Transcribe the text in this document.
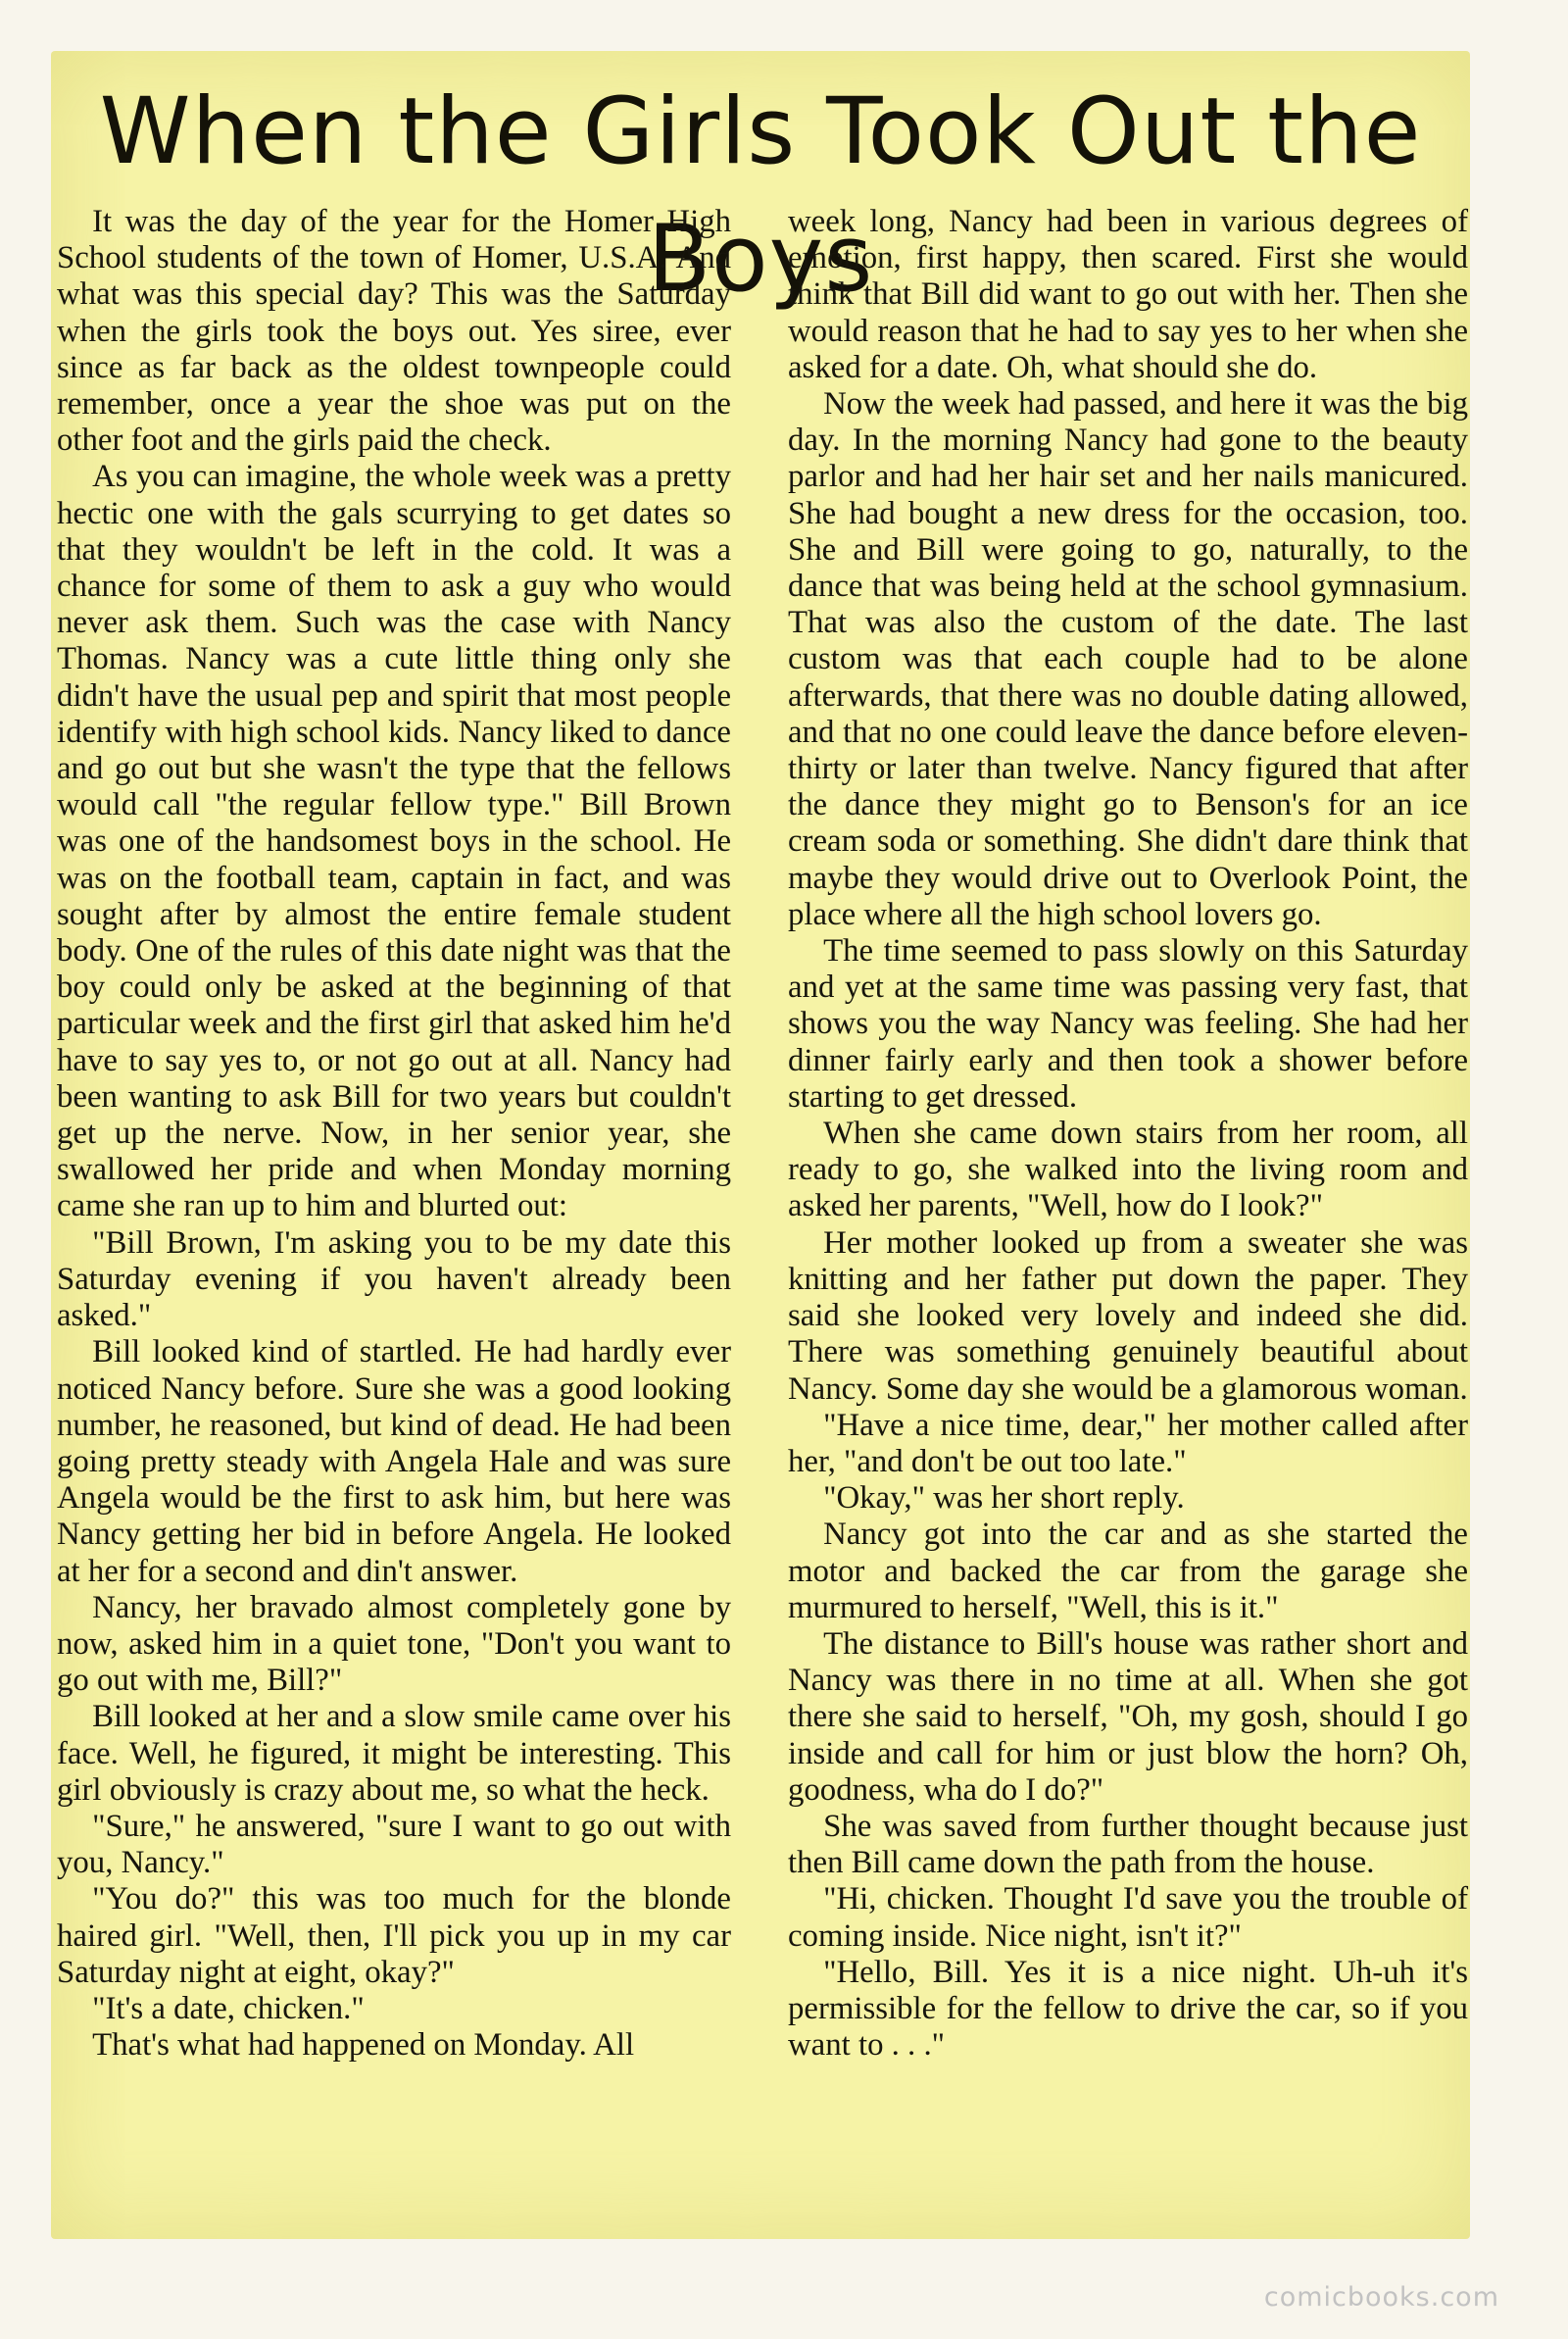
When the Girls Took Out the Boys

It was the day of the year for the Homer High School students of the town of Homer, U.S.A. And what was this special day? This was the Saturday when the girls took the boys out. Yes siree, ever since as far back as the oldest townpeople could remember, once a year the shoe was put on the other foot and the girls paid the check.

As you can imagine, the whole week was a pretty hectic one with the gals scurrying to get dates so that they wouldn't be left in the cold. It was a chance for some of them to ask a guy who would never ask them. Such was the case with Nancy Thomas. Nancy was a cute little thing only she didn't have the usual pep and spirit that most people identify with high school kids. Nancy liked to dance and go out but she wasn't the type that the fellows would call "the regular fellow type." Bill Brown was one of the handsomest boys in the school. He was on the football team, captain in fact, and was sought after by almost the entire female student body. One of the rules of this date night was that the boy could only be asked at the beginning of that particular week and the first girl that asked him he'd have to say yes to, or not go out at all. Nancy had been wanting to ask Bill for two years but couldn't get up the nerve. Now, in her senior year, she swallowed her pride and when Monday morning came she ran up to him and blurted out:

"Bill Brown, I'm asking you to be my date this Saturday evening if you haven't already been asked."

Bill looked kind of startled. He had hardly ever noticed Nancy before. Sure she was a good looking number, he reasoned, but kind of dead. He had been going pretty steady with Angela Hale and was sure Angela would be the first to ask him, but here was Nancy getting her bid in before Angela. He looked at her for a second and din't answer.

Nancy, her bravado almost completely gone by now, asked him in a quiet tone, "Don't you want to go out with me, Bill?"

Bill looked at her and a slow smile came over his face. Well, he figured, it might be interesting. This girl obviously is crazy about me, so what the heck.

"Sure," he answered, "sure I want to go out with you, Nancy."

"You do?" this was too much for the blonde haired girl. "Well, then, I'll pick you up in my car Saturday night at eight, okay?"

"It's a date, chicken."

That's what had happened on Monday. All

week long, Nancy had been in various degrees of emotion, first happy, then scared. First she would think that Bill did want to go out with her. Then she would reason that he had to say yes to her when she asked for a date. Oh, what should she do.

Now the week had passed, and here it was the big day. In the morning Nancy had gone to the beauty parlor and had her hair set and her nails manicured. She had bought a new dress for the occasion, too. She and Bill were going to go, naturally, to the dance that was being held at the school gymnasium. That was also the custom of the date. The last custom was that each couple had to be alone afterwards, that there was no double dating allowed, and that no one could leave the dance before eleven-thirty or later than twelve. Nancy figured that after the dance they might go to Benson's for an ice cream soda or something. She didn't dare think that maybe they would drive out to Overlook Point, the place where all the high school lovers go.

The time seemed to pass slowly on this Saturday and yet at the same time was passing very fast, that shows you the way Nancy was feeling. She had her dinner fairly early and then took a shower before starting to get dressed.

When she came down stairs from her room, all ready to go, she walked into the living room and asked her parents, "Well, how do I look?"

Her mother looked up from a sweater she was knitting and her father put down the paper. They said she looked very lovely and indeed she did. There was something genuinely beautiful about Nancy. Some day she would be a glamorous woman.

"Have a nice time, dear," her mother called after her, "and don't be out too late."

"Okay," was her short reply.

Nancy got into the car and as she started the motor and backed the car from the garage she murmured to herself, "Well, this is it."

The distance to Bill's house was rather short and Nancy was there in no time at all. When she got there she said to herself, "Oh, my gosh, should I go inside and call for him or just blow the horn? Oh, goodness, wha do I do?"

She was saved from further thought because just then Bill came down the path from the house.

"Hi, chicken. Thought I'd save you the trouble of coming inside. Nice night, isn't it?"

"Hello, Bill. Yes it is a nice night. Uh-uh it's permissible for the fellow to drive the car, so if you want to . . ."

comicbooks.com
